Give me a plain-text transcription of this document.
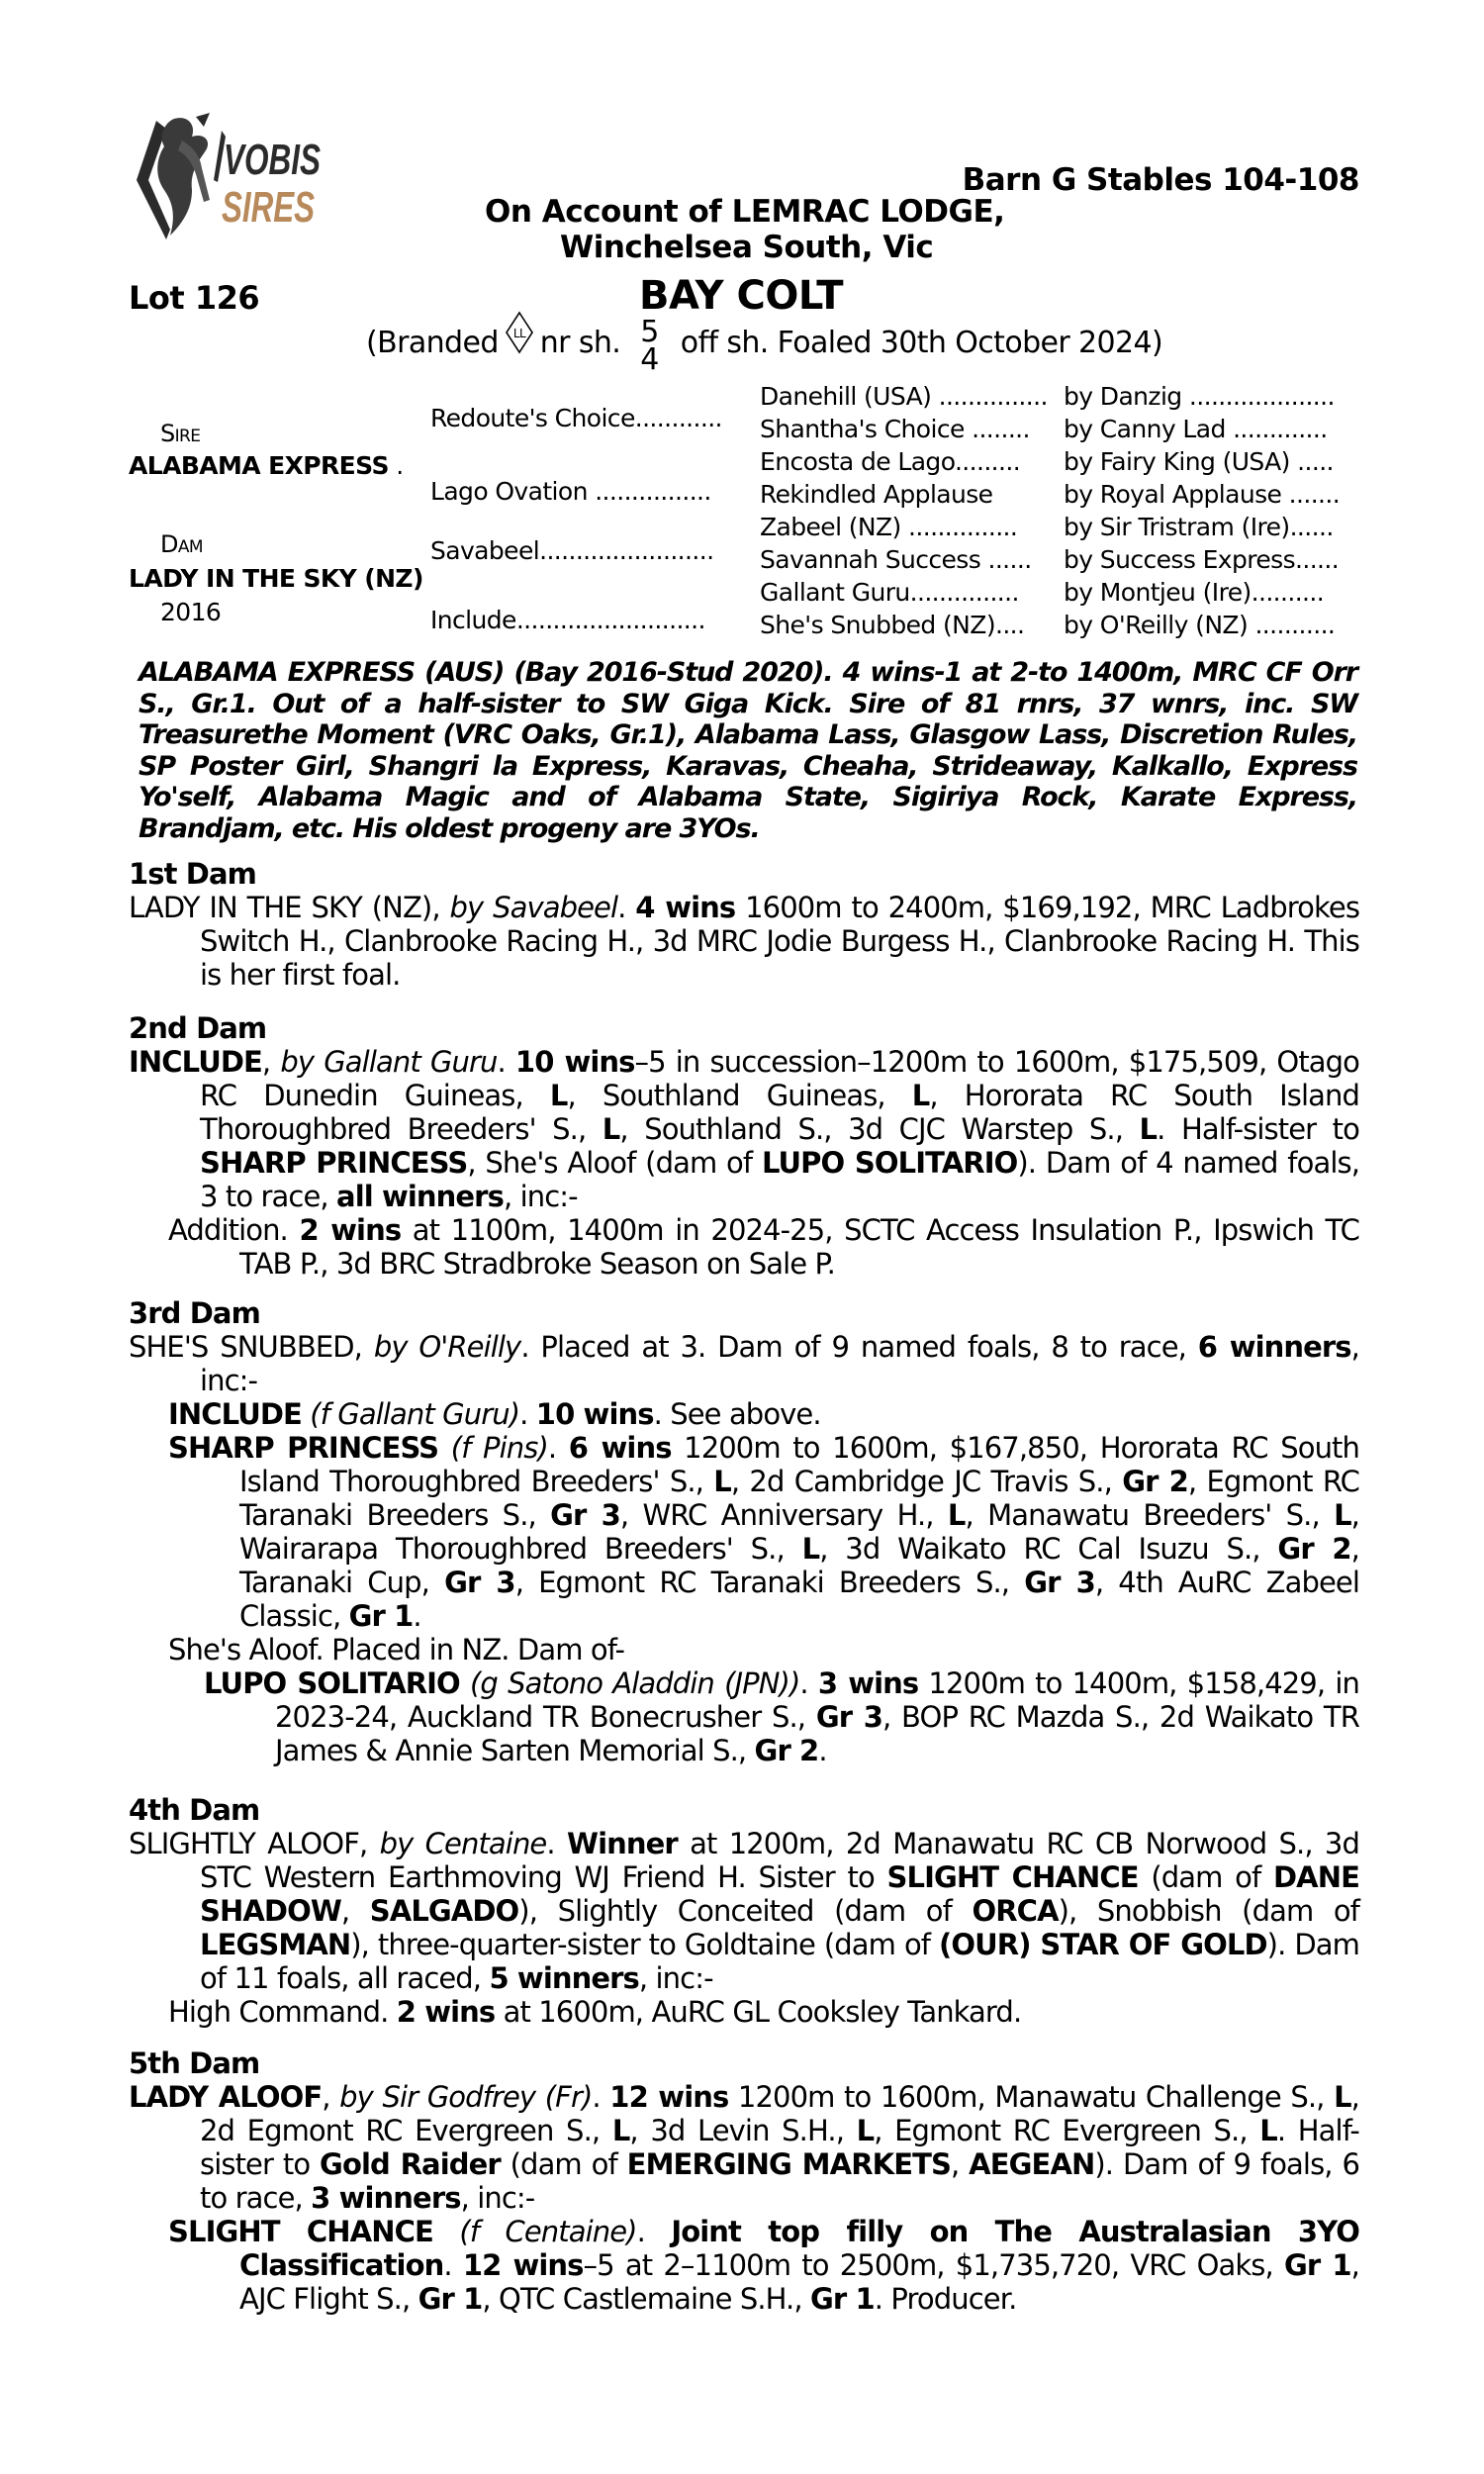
VOBIS
SIRES
Barn G Stables 104-108
On Account of LEMRAC LODGE,
Winchelsea South, Vic
Lot 126	BAY COLT
(Branded LL nr sh. 5
4 off sh. Foaled 30th October 2024)
Sire
ALABAMA EXPRESS .
Dam
LADY IN THE SKY (NZ)
2016
Redoute's Choice............
Lago Ovation ................
Savabeel........................
Include..........................
Danehill (USA) ............... by Danzig ....................
Shantha's Choice ........ by Canny Lad .............
Encosta de Lago......... by Fairy King (USA) .....
Rekindled Applause	by Royal Applause .......
Zabeel (NZ) ............... by Sir Tristram (Ire)......
Savannah Success ...... by Success Express......
Gallant Guru............... by Montjeu (Ire)..........
She's Snubbed (NZ).... by O'Reilly (NZ) ...........
ALABAMA EXPRESS (AUS) (Bay 2016-Stud 2020). 4 wins-1 at 2-to 1400m, MRC CF Orr S., Gr.1. Out of a half-sister to SW Giga Kick. Sire of 81 rnrs, 37 wnrs, inc. SW Treasurethe Moment (VRC Oaks, Gr.1), Alabama Lass, Glasgow Lass, Discretion Rules, SP Poster Girl, Shangri la Express, Karavas, Cheaha, Strideaway, Kalkallo, Express Yo'self, Alabama Magic and of Alabama State, Sigiriya Rock, Karate Express, Brandjam, etc. His oldest progeny are 3YOs.
1st Dam
LADY IN THE SKY (NZ), by Savabeel. 4 wins 1600m to 2400m, $169,192, MRC Ladbrokes Switch H., Clanbrooke Racing H., 3d MRC Jodie Burgess H., Clanbrooke Racing H. This is her first foal.
2nd Dam
INCLUDE, by Gallant Guru. 10 wins–5 in succession–1200m to 1600m, $175,509, Otago RC Dunedin Guineas, L, Southland Guineas, L, Hororata RC South Island Thoroughbred Breeders' S., L, Southland S., 3d CJC Warstep S., L. Half-sister to SHARP PRINCESS, She's Aloof (dam of LUPO SOLITARIO). Dam of 4 named foals, 3 to race, all winners, inc:-
Addition. 2 wins at 1100m, 1400m in 2024-25, SCTC Access Insulation P., Ipswich TC TAB P., 3d BRC Stradbroke Season on Sale P.
3rd Dam
SHE'S SNUBBED, by O'Reilly. Placed at 3. Dam of 9 named foals, 8 to race, 6 winners, inc:-
INCLUDE (f Gallant Guru). 10 wins. See above.
SHARP PRINCESS (f Pins). 6 wins 1200m to 1600m, $167,850, Hororata RC South Island Thoroughbred Breeders' S., L, 2d Cambridge JC Travis S., Gr 2, Egmont RC Taranaki Breeders S., Gr 3, WRC Anniversary H., L, Manawatu Breeders' S., L, Wairarapa Thoroughbred Breeders' S., L, 3d Waikato RC Cal Isuzu S., Gr 2, Taranaki Cup, Gr 3, Egmont RC Taranaki Breeders S., Gr 3, 4th AuRC Zabeel Classic, Gr 1.
She's Aloof. Placed in NZ. Dam of-
LUPO SOLITARIO (g Satono Aladdin (JPN)). 3 wins 1200m to 1400m, $158,429, in 2023-24, Auckland TR Bonecrusher S., Gr 3, BOP RC Mazda S., 2d Waikato TR James & Annie Sarten Memorial S., Gr 2.
4th Dam
SLIGHTLY ALOOF, by Centaine. Winner at 1200m, 2d Manawatu RC CB Norwood S., 3d STC Western Earthmoving WJ Friend H. Sister to SLIGHT CHANCE (dam of DANE SHADOW, SALGADO), Slightly Conceited (dam of ORCA), Snobbish (dam of LEGSMAN), three-quarter-sister to Goldtaine (dam of (OUR) STAR OF GOLD). Dam of 11 foals, all raced, 5 winners, inc:-
High Command. 2 wins at 1600m, AuRC GL Cooksley Tankard.
5th Dam
LADY ALOOF, by Sir Godfrey (Fr). 12 wins 1200m to 1600m, Manawatu Challenge S., L, 2d Egmont RC Evergreen S., L, 3d Levin S.H., L, Egmont RC Evergreen S., L. Half-sister to Gold Raider (dam of EMERGING MARKETS, AEGEAN). Dam of 9 foals, 6 to race, 3 winners, inc:-
SLIGHT CHANCE (f Centaine). Joint top filly on The Australasian 3YO Classification. 12 wins–5 at 2–1100m to 2500m, $1,735,720, VRC Oaks, Gr 1, AJC Flight S., Gr 1, QTC Castlemaine S.H., Gr 1. Producer.
